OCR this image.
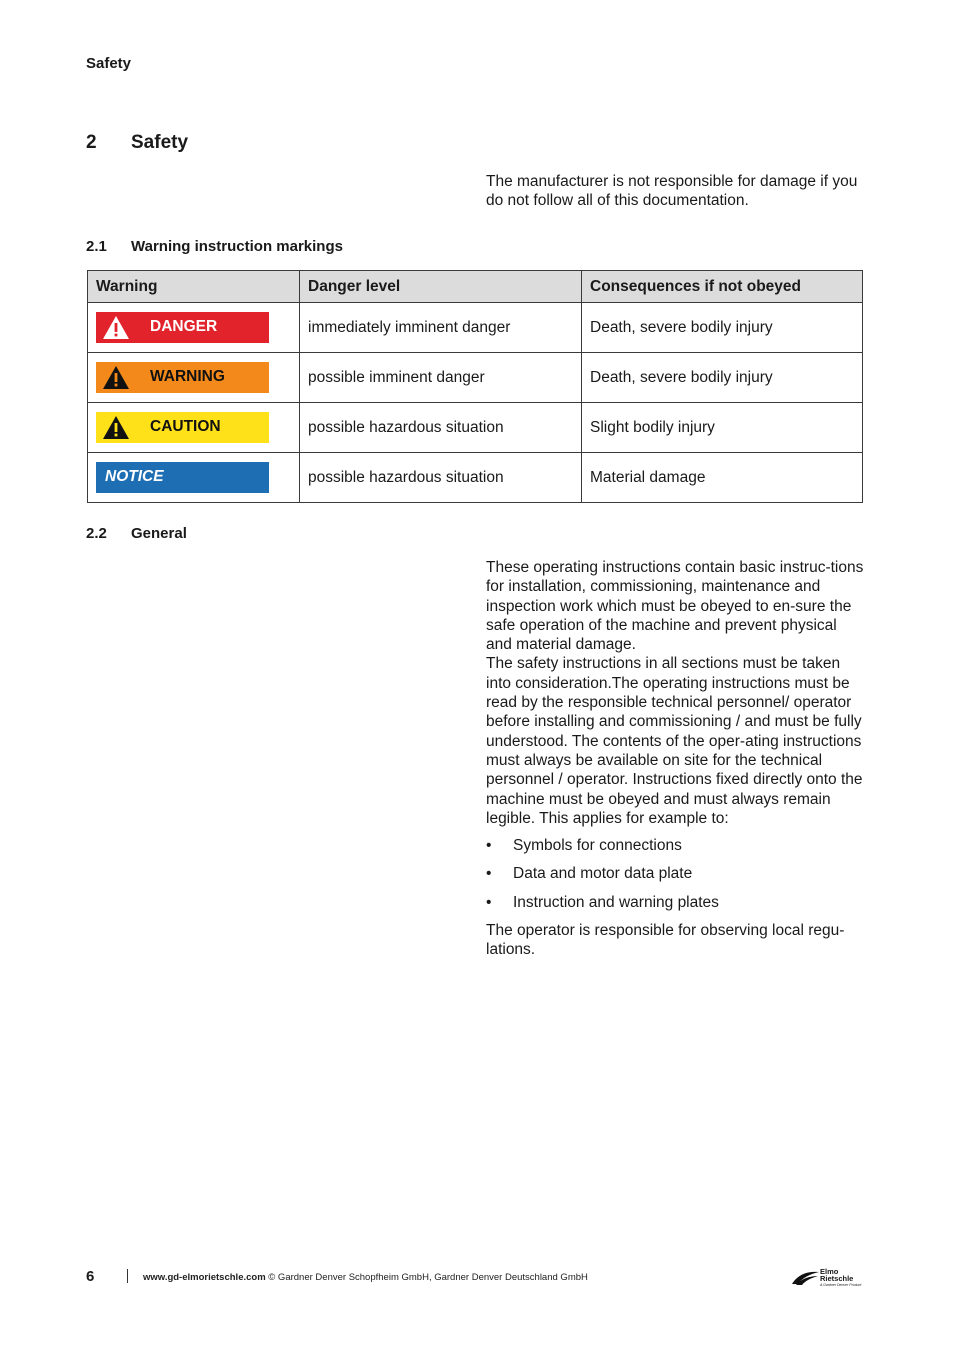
Safety
2 Safety
The manufacturer is not responsible for damage if you do not follow all of this documentation.
2.1 Warning instruction markings
Warning	Danger level	Consequences if not obeyed

DANGER	immediately imminent danger	Death, severe bodily injury

WARNING	possible imminent danger	Death, severe bodily injury

CAUTION	possible hazardous situation	Slight bodily injury

NOTICE	possible hazardous situation	Material damage
2.2 General

These operating instructions contain basic instruc-tions for installation, commissioning, maintenance and inspection work which must be obeyed to en-sure the safe operation of the machine and prevent physical and material damage.

The safety instructions in all sections must be taken into consideration.The operating instructions must be read by the responsible technical personnel/ operator before installing and commissioning / and must be fully understood. The contents of the oper-ating instructions must always be available on site for the technical personnel / operator. Instructions fixed directly onto the machine must be obeyed and must always remain legible. This applies for example to:

• Symbols for connections
• Data and motor data plate
• Instruction and warning plates

The operator is responsible for observing local regu-lations.

6	www.gd-elmorietschle.com © Gardner Denver Schopfheim GmbH, Gardner Denver Deutschland GmbH
Elmo
Rietschle
A Gardner Denver Product
